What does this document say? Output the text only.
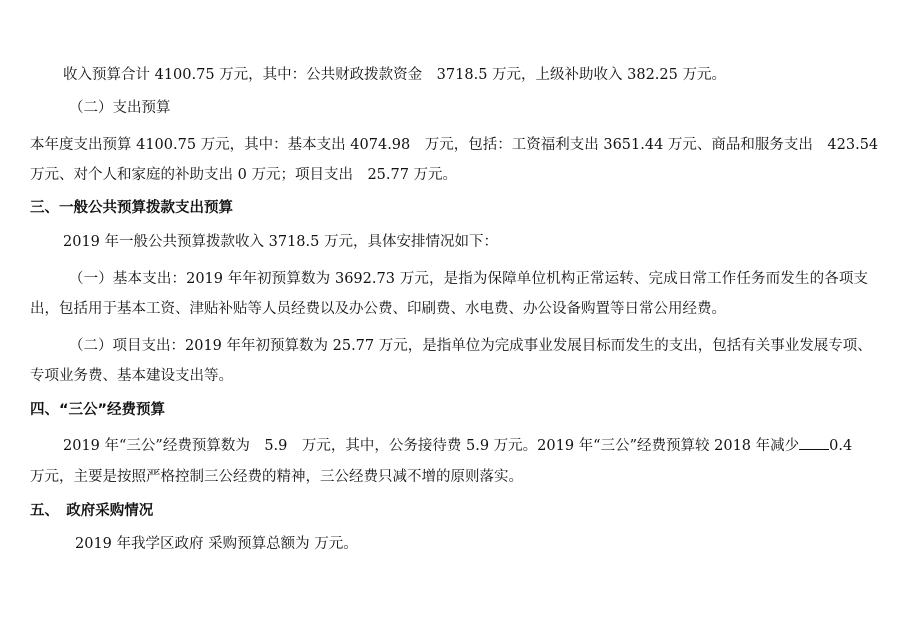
收入预算合计 4100.75 万元，其中：公共财政拨款资金　3718.5 万元，上级补助收入 382.25 万元。
（二）支出预算
本年度支出预算 4100.75 万元，其中：基本支出 4074.98　万元，包括：工资福利支出 3651.44 万元、商品和服务支出　423.54
万元、对个人和家庭的补助支出 0 万元；项目支出　25.77 万元。
三、一般公共预算拨款支出预算
2019 年一般公共预算拨款收入 3718.5 万元，具体安排情况如下：
（一）基本支出：2019 年年初预算数为 3692.73 万元，是指为保障单位机构正常运转、完成日常工作任务而发生的各项支
出，包括用于基本工资、津贴补贴等人员经费以及办公费、印刷费、水电费、办公设备购置等日常公用经费。
（二）项目支出：2019 年年初预算数为 25.77 万元，是指单位为完成事业发展目标而发生的支出，包括有关事业发展专项、
专项业务费、基本建设支出等。
四、“三公”经费预算
2019 年“三公”经费预算数为　5.9　万元，其中，公务接待费 5.9 万元。2019 年“三公”经费预算较 2018 年减少 0.4
万元，主要是按照严格控制三公经费的精神，三公经费只减不增的原则落实。
五、　政府采购情况
2019 年我学区政府 采购预算总额为 万元。
